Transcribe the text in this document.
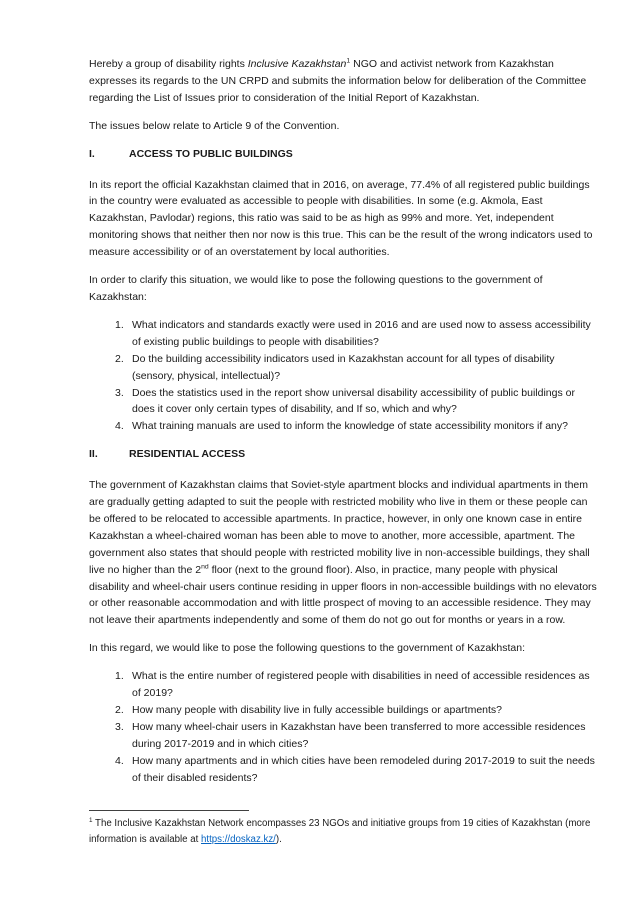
Hereby a group of disability rights Inclusive Kazakhstan$^1$ NGO and activist network from Kazakhstan expresses its regards to the UN CRPD and submits the information below for deliberation of the Committee regarding the List of Issues prior to consideration of the Initial Report of Kazakhstan.

The issues below relate to Article 9 of the Convention.

I.	ACCESS TO PUBLIC BUILDINGS

In its report the official Kazakhstan claimed that in 2016, on average, 77.4% of all registered public buildings in the country were evaluated as accessible to people with disabilities. In some (e.g. Akmola, East Kazakhstan, Pavlodar) regions, this ratio was said to be as high as 99% and more. Yet, independent monitoring shows that neither then nor now is this true. This can be the result of the wrong indicators used to measure accessibility or of an overstatement by local authorities.

In order to clarify this situation, we would like to pose the following questions to the government of Kazakhstan:

1. What indicators and standards exactly were used in 2016 and are used now to assess accessibility of existing public buildings to people with disabilities?
2. Do the building accessibility indicators used in Kazakhstan account for all types of disability (sensory, physical, intellectual)?
3. Does the statistics used in the report show universal disability accessibility of public buildings or does it cover only certain types of disability, and If so, which and why?
4. What training manuals are used to inform the knowledge of state accessibility monitors if any?
II.	RESIDENTIAL ACCESS

The government of Kazakhstan claims that Soviet-style apartment blocks and individual apartments in them are gradually getting adapted to suit the people with restricted mobility who live in them or these people can be offered to be relocated to accessible apartments. In practice, however, in only one known case in entire Kazakhstan a wheel-chaired woman has been able to move to another, more accessible, apartment. The government also states that should people with restricted mobility live in non-accessible buildings, they shall live no higher than the 2nd floor (next to the ground floor). Also, in practice, many people with physical disability and wheel-chair users continue residing in upper floors in non-accessible buildings with no elevators or other reasonable accommodation and with little prospect of moving to an accessible residence. They may not leave their apartments independently and some of them do not go out for months or years in a row.

In this regard, we would like to pose the following questions to the government of Kazakhstan:

1. What is the entire number of registered people with disabilities in need of accessible residences as of 2019?
2. How many people with disability live in fully accessible buildings or apartments?
3. How many wheel-chair users in Kazakhstan have been transferred to more accessible residences during 2017-2019 and in which cities?
4. How many apartments and in which cities have been remodeled during 2017-2019 to suit the needs of their disabled residents?

$^1$ The Inclusive Kazakhstan Network encompasses 23 NGOs and initiative groups from 19 cities of Kazakhstan (more information is available at https://doskaz.kz/).
